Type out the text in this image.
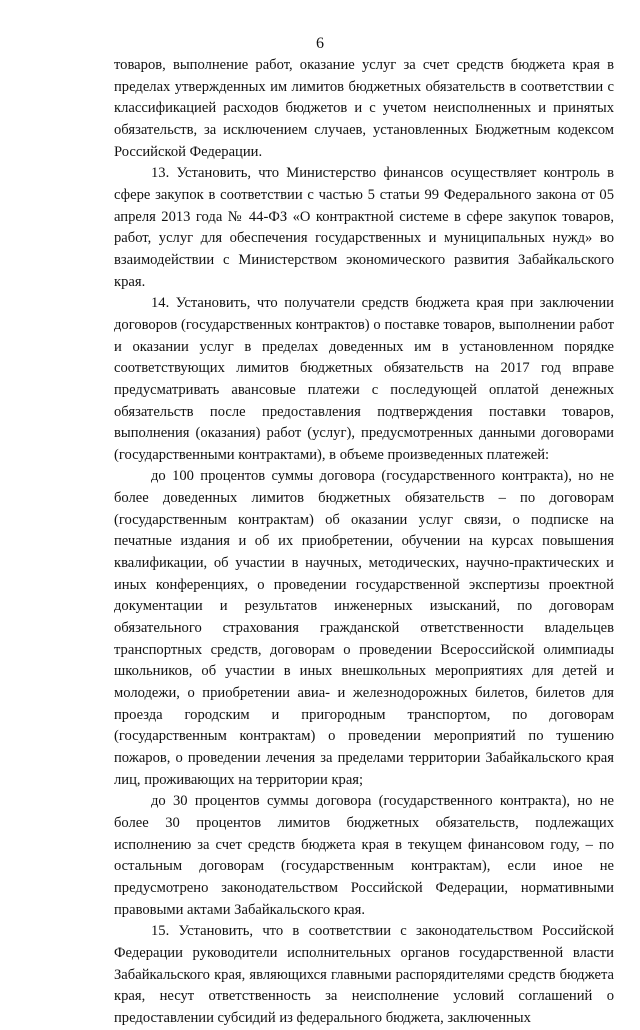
6

товаров, выполнение работ, оказание услуг за счет средств бюджета края в пределах утвержденных им лимитов бюджетных обязательств в соответствии с классификацией расходов бюджетов и с учетом неисполненных и принятых обязательств, за исключением случаев, установленных Бюджетным кодексом Российской Федерации.

13. Установить, что Министерство финансов осуществляет контроль в сфере закупок в соответствии с частью 5 статьи 99 Федерального закона от 05 апреля 2013 года № 44-ФЗ «О контрактной системе в сфере закупок товаров, работ, услуг для обеспечения государственных и муниципальных нужд» во взаимодействии с Министерством экономического развития Забайкальского края.

14. Установить, что получатели средств бюджета края при заключении договоров (государственных контрактов) о поставке товаров, выполнении работ и оказании услуг в пределах доведенных им в установленном порядке соответствующих лимитов бюджетных обязательств на 2017 год вправе предусматривать авансовые платежи с последующей оплатой денежных обязательств после предоставления подтверждения поставки товаров, выполнения (оказания) работ (услуг), предусмотренных данными договорами (государственными контрактами), в объеме произведенных платежей:

до 100 процентов суммы договора (государственного контракта), но не более доведенных лимитов бюджетных обязательств – по договорам (государственным контрактам) об оказании услуг связи, о подписке на печатные издания и об их приобретении, обучении на курсах повышения квалификации, об участии в научных, методических, научно-практических и иных конференциях, о проведении государственной экспертизы проектной документации и результатов инженерных изысканий, по договорам обязательного страхования гражданской ответственности владельцев транспортных средств, договорам о проведении Всероссийской олимпиады школьников, об участии в иных внешкольных мероприятиях для детей и молодежи, о приобретении авиа- и железнодорожных билетов, билетов для проезда городским и пригородным транспортом, по договорам (государственным контрактам) о проведении мероприятий по тушению пожаров, о проведении лечения за пределами территории Забайкальского края лиц, проживающих на территории края;

до 30 процентов суммы договора (государственного контракта), но не более 30 процентов лимитов бюджетных обязательств, подлежащих исполнению за счет средств бюджета края в текущем финансовом году, – по остальным договорам (государственным контрактам), если иное не предусмотрено законодательством Российской Федерации, нормативными правовыми актами Забайкальского края.

15. Установить, что в соответствии с законодательством Российской Федерации руководители исполнительных органов государственной власти Забайкальского края, являющихся главными распорядителями средств бюджета края, несут ответственность за неисполнение условий соглашений о предоставлении субсидий из федерального бюджета, заключенных
